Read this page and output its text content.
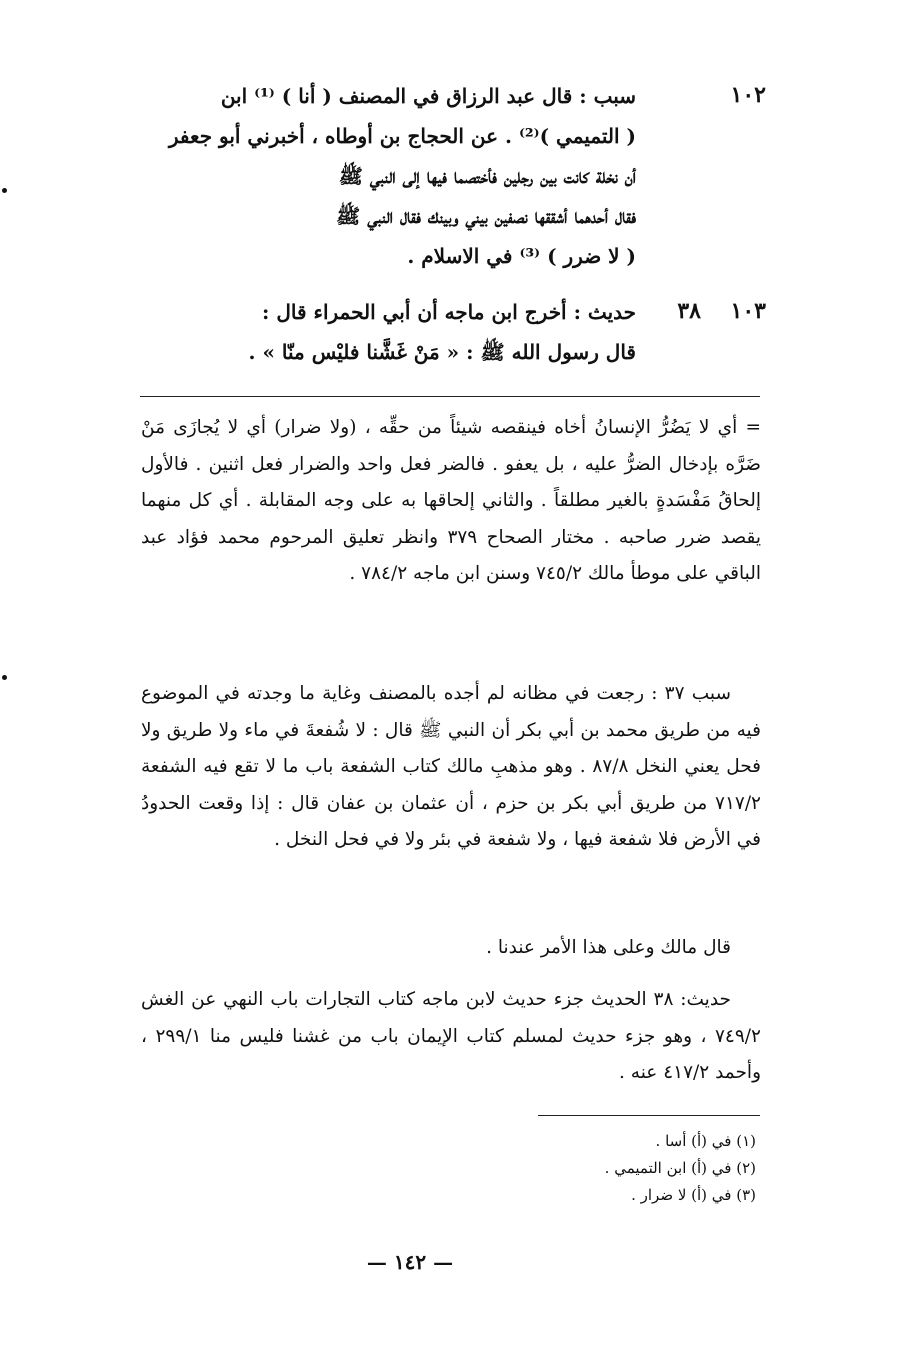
١٠٢

سبب : قال عبد الرزاق في المصنف ( أنا ) ⁽¹⁾ ابن

( التميمي )⁽²⁾ . عن الحجاج بن أوطاه ، أخبرني أبو جعفر

أن نخلة كانت بين رجلين فأختصما فيها إلى النبي ﷺ

فقال أحدهما أشققها نصفين بيني وبينك فقال النبي ﷺ

( لا ضرر ) ⁽³⁾ في الاسلام .

١٠٣
٣٨

حديث : أخرج ابن ماجه أن أبي الحمراء قال :

قال رسول الله ﷺ : « مَنْ غَشَّنا فليْس منّا » .

= أي لا يَضُرُّ الإنسانُ أخاه فينقصه شيئاً من حقِّه ، (ولا ضرار) أي لا يُجازَى مَنْ ضَرَّه بإدخال الضرُّ عليه ، بل يعفو . فالضر فعل واحد والضرار فعل اثنين . فالأول إلحاقُ مَفْسَدةٍ بالغير مطلقاً . والثاني إلحاقها به على وجه المقابلة . أي كل منهما يقصد ضرر صاحبه . مختار الصحاح ٣٧٩ وانظر تعليق المرحوم محمد فؤاد عبد الباقي على موطأ مالك ٧٤٥/٢ وسنن ابن ماجه ٧٨٤/٢ .

سبب ٣٧ : رجعت في مظانه لم أجده بالمصنف وغاية ما وجدته في الموضوع فيه من طريق محمد بن أبي بكر أن النبي ﷺ قال : لا شُفعةَ في ماء ولا طريق ولا فحل يعني النخل ٨٧/٨ . وهو مذهبِ مالك كتاب الشفعة باب ما لا تقع فيه الشفعة ٧١٧/٢ من طريق أبي بكر بن حزم ، أن عثمان بن عفان قال : إذا وقعت الحدودُ في الأرض فلا شفعة فيها ، ولا شفعة في بئر ولا في فحل النخل .

قال مالك وعلى هذا الأمر عندنا .

حديث: ٣٨ الحديث جزء حديث لابن ماجه كتاب التجارات باب النهي عن الغش ٧٤٩/٢ ، وهو جزء حديث لمسلم كتاب الإيمان باب من غشنا فليس منا ٢٩٩/١ ، وأحمد ٤١٧/٢ عنه .

(١) في (أ) أسا .
(٢) في (أ) ابن التميمي .
(٣) في (أ) لا ضرار .
— ١٤٢ —
